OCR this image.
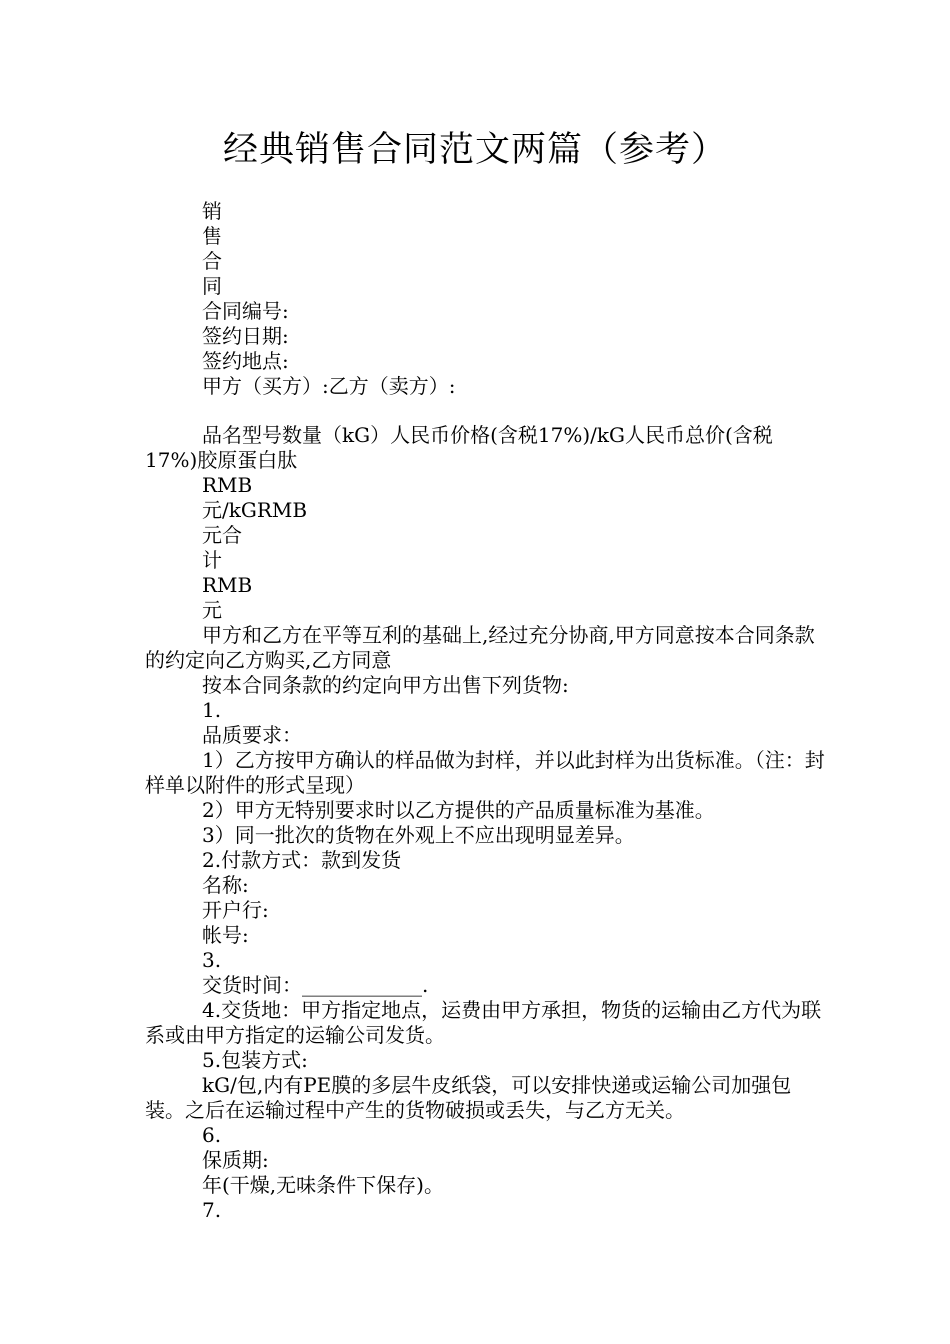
经典销售合同范文两篇（参考）

销

售

合

同

合同编号:

签约日期:

签约地点:

甲方（买方）:乙方（卖方）:

品名型号数量（kG）人民币价格(含税17%)/kG人民币总价(含税17%)胶原蛋白肽

RMB

元/kGRMB

元合

计

RMB

元

甲方和乙方在平等互利的基础上,经过充分协商,甲方同意按本合同条款的约定向乙方购买,乙方同意

按本合同条款的约定向甲方出售下列货物:

1.

品质要求：

1）乙方按甲方确认的样品做为封样，并以此封样为出货标准。（注：封样单以附件的形式呈现）

2）甲方无特别要求时以乙方提供的产品质量标准为基准。

3）同一批次的货物在外观上不应出现明显差异。

2.付款方式：款到发货

名称:

开户行:

帐号:

3.

交货时间：____________.

4.交货地：甲方指定地点，运费由甲方承担，物货的运输由乙方代为联系或由甲方指定的运输公司发货。

5.包装方式:

kG/包,内有PE膜的多层牛皮纸袋，可以安排快递或运输公司加强包装。之后在运输过程中产生的货物破损或丢失，与乙方无关。

6.

保质期:

年(干燥,无味条件下保存)。

7.
